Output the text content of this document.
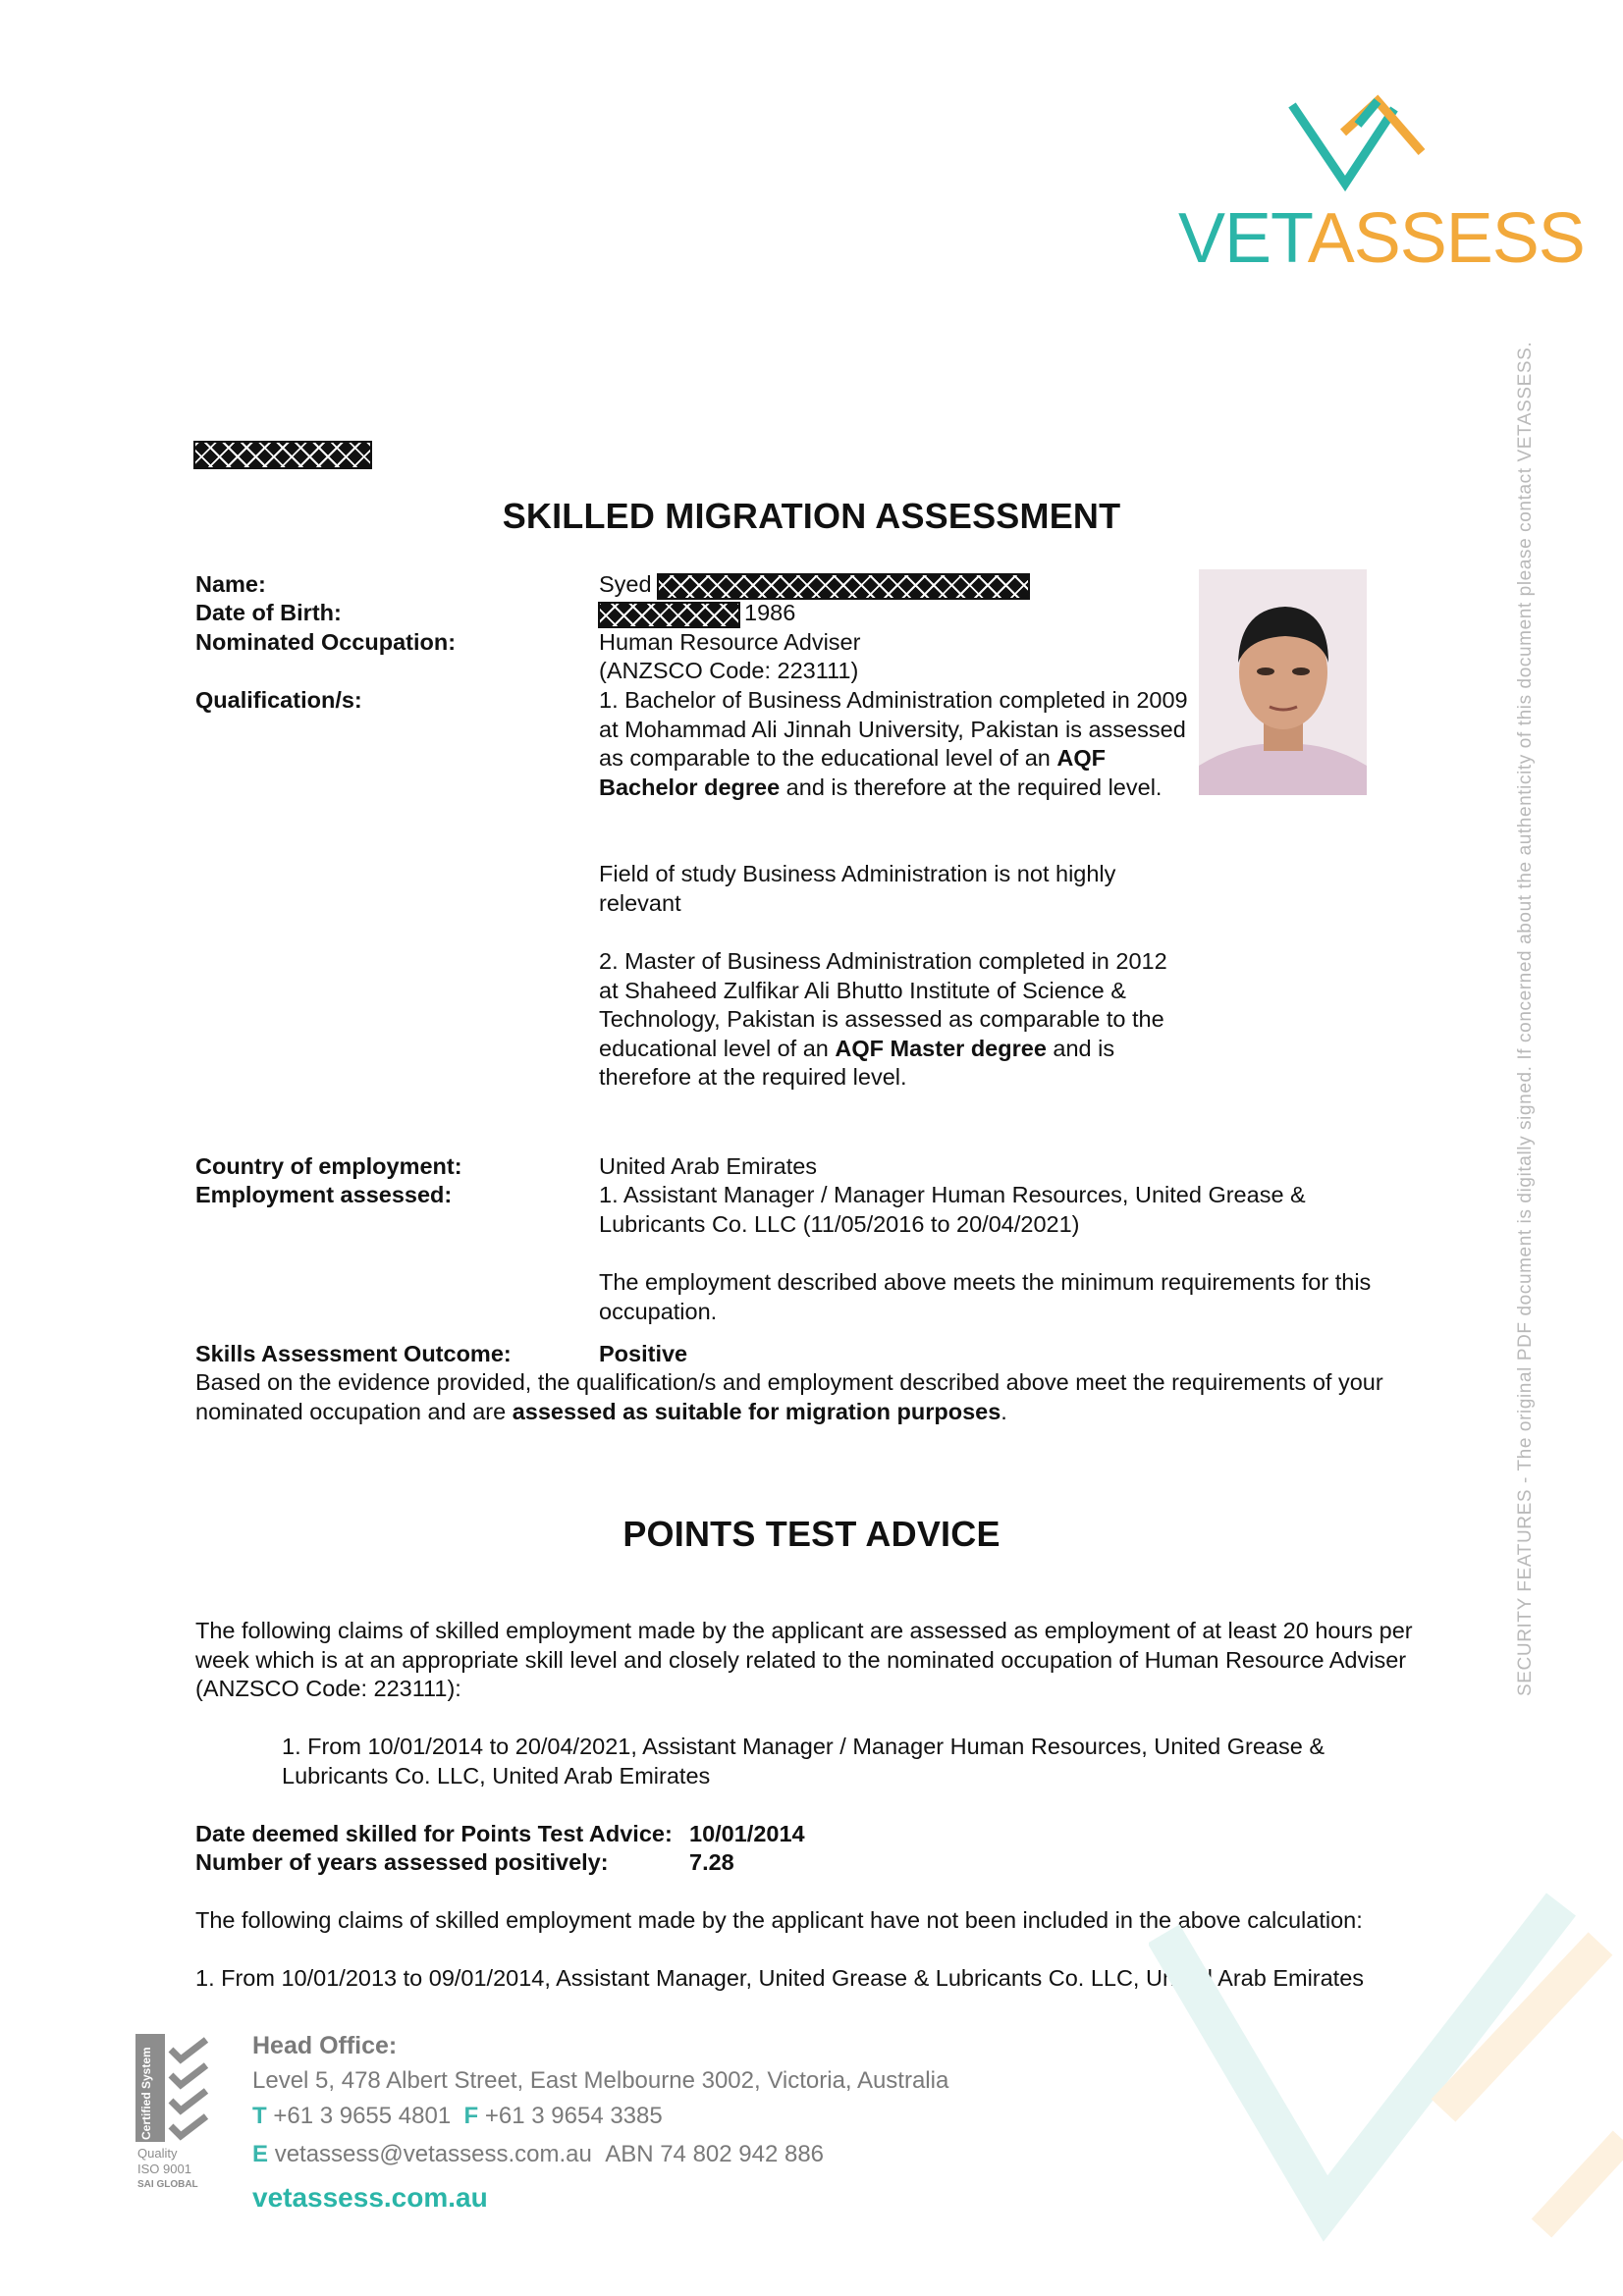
VETASSESS
SKILLED MIGRATION ASSESSMENT
Name:
Date of Birth:
Nominated Occupation:
Qualification/s:
Syed
1986
Human Resource Adviser
(ANZSCO Code: 223111)
1. Bachelor of Business Administration completed in 2009 at Mohammad Ali Jinnah University, Pakistan is assessed as comparable to the educational level of an AQF Bachelor degree and is therefore at the required level.
Field of study Business Administration is not highly relevant
2. Master of Business Administration completed in 2012 at Shaheed Zulfikar Ali Bhutto Institute of Science & Technology, Pakistan is assessed as comparable to the educational level of an AQF Master degree and is therefore at the required level.
Country of employment:
Employment assessed:
United Arab Emirates
1. Assistant Manager / Manager Human Resources, United Grease & Lubricants Co. LLC (11/05/2016 to 20/04/2021)
The employment described above meets the minimum requirements for this occupation.
Skills Assessment Outcome:	Positive
Based on the evidence provided, the qualification/s and employment described above meet the requirements of your nominated occupation and are assessed as suitable for migration purposes.
POINTS TEST ADVICE
The following claims of skilled employment made by the applicant are assessed as employment of at least 20 hours per week which is at an appropriate skill level and closely related to the nominated occupation of Human Resource Adviser (ANZSCO Code: 223111):
1. From 10/01/2014 to 20/04/2021, Assistant Manager / Manager Human Resources, United Grease & Lubricants Co. LLC, United Arab Emirates
Date deemed skilled for Points Test Advice: 10/01/2014
Number of years assessed positively:	7.28
The following claims of skilled employment made by the applicant have not been included in the above calculation:
1. From 10/01/2013 to 09/01/2014, Assistant Manager, United Grease & Lubricants Co. LLC, United Arab Emirates
SECURITY FEATURES - The original PDF document is digitally signed. If concerned about the authenticity of this document please contact VETASSESS.
Certified System
Quality
ISO 9001
SAI GLOBAL
Head Office:
Level 5, 478 Albert Street, East Melbourne 3002, Victoria, Australia
T +61 3 9655 4801 F +61 3 9654 3385
E vetassess@vetassess.com.au ABN 74 802 942 886
vetassess.com.au
